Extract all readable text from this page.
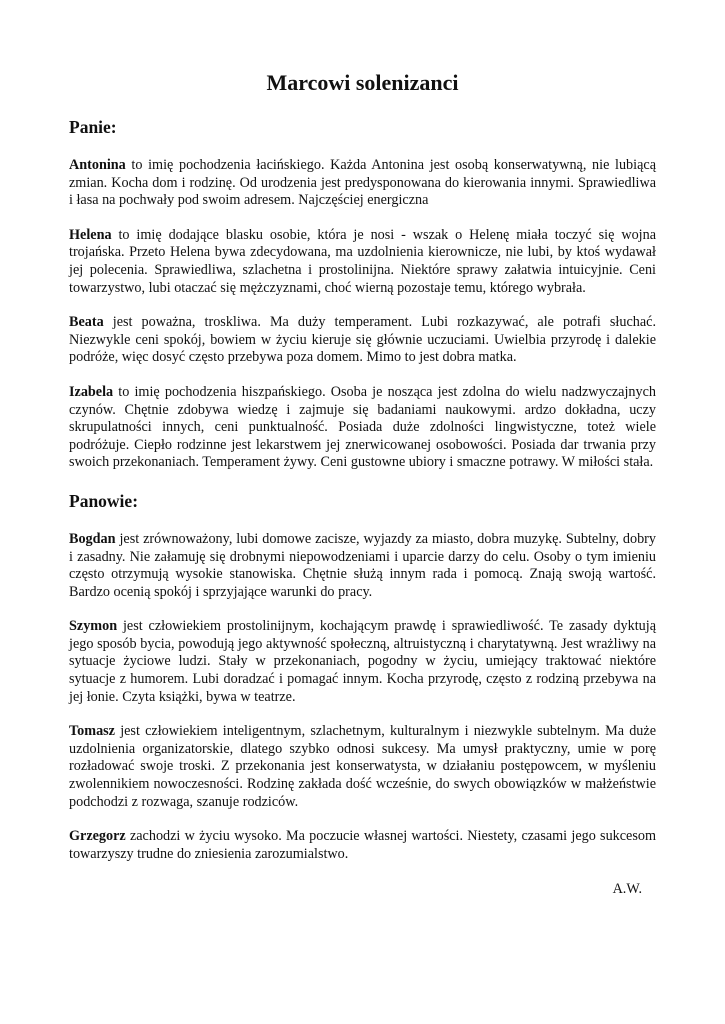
Marcowi solenizanci
Panie:

Antonina to imię pochodzenia łacińskiego. Każda Antonina jest osobą konserwatywną, nie lubiącą zmian. Kocha dom i rodzinę. Od urodzenia jest predysponowana do kierowania innymi. Sprawiedliwa i łasa na pochwały pod swoim adresem. Najczęściej energiczna

Helena to imię dodające blasku osobie, która je nosi - wszak o Helenę miała toczyć się wojna trojańska. Przeto Helena bywa zdecydowana, ma uzdolnienia kierownicze, nie lubi, by ktoś wydawał jej polecenia. Sprawiedliwa, szlachetna i prostolinijna. Niektóre sprawy załatwia intuicyjnie. Ceni towarzystwo, lubi otaczać się mężczyznami, choć wierną pozostaje temu, którego wybrała.

Beata jest poważna, troskliwa. Ma duży temperament. Lubi rozkazywać, ale potrafi słuchać. Niezwykle ceni spokój, bowiem w życiu kieruje się głównie uczuciami. Uwielbia przyrodę i dalekie podróże, więc dosyć często przebywa poza domem. Mimo to jest dobra matka.

Izabela to imię pochodzenia hiszpańskiego. Osoba je nosząca jest zdolna do wielu nadzwyczajnych czynów. Chętnie zdobywa wiedzę i zajmuje się badaniami naukowymi. ardzo dokładna, uczy skrupulatności innych, ceni punktualność. Posiada duże zdolności lingwistyczne, toteż wiele podróżuje. Ciepło rodzinne jest lekarstwem jej znerwicowanej osobowości. Posiada dar trwania przy swoich przekonaniach. Temperament żywy. Ceni gustowne ubiory i smaczne potrawy. W miłości stała.

Panowie:

Bogdan jest zrównoważony, lubi domowe zacisze, wyjazdy za miasto, dobra muzykę. Subtelny, dobry i zasadny. Nie załamuję się drobnymi niepowodzeniami i uparcie darzy do celu. Osoby o tym imieniu często otrzymują wysokie stanowiska. Chętnie służą innym rada i pomocą. Znają swoją wartość. Bardzo ocenią spokój i sprzyjające warunki do pracy.

Szymon jest człowiekiem prostolinijnym, kochającym prawdę i sprawiedliwość. Te zasady dyktują jego sposób bycia, powodują jego aktywność społeczną, altruistyczną i charytatywną. Jest wrażliwy na sytuacje życiowe ludzi. Stały w przekonaniach, pogodny w życiu, umiejący traktować niektóre sytuacje z humorem. Lubi doradzać i pomagać innym. Kocha przyrodę, często z rodziną przebywa na jej łonie. Czyta książki, bywa w teatrze.

Tomasz jest człowiekiem inteligentnym, szlachetnym, kulturalnym i niezwykle subtelnym. Ma duże uzdolnienia organizatorskie, dlatego szybko odnosi sukcesy. Ma umysł praktyczny, umie w porę rozładować swoje troski. Z przekonania jest konserwatysta, w działaniu postępowcem, w myśleniu zwolennikiem nowoczesności. Rodzinę zakłada dość wcześnie, do swych obowiązków w małżeństwie podchodzi z rozwaga, szanuje rodziców.

Grzegorz zachodzi w życiu wysoko. Ma poczucie własnej wartości. Niestety, czasami jego sukcesom towarzyszy trudne do zniesienia zarozumialstwo.

A.W.
